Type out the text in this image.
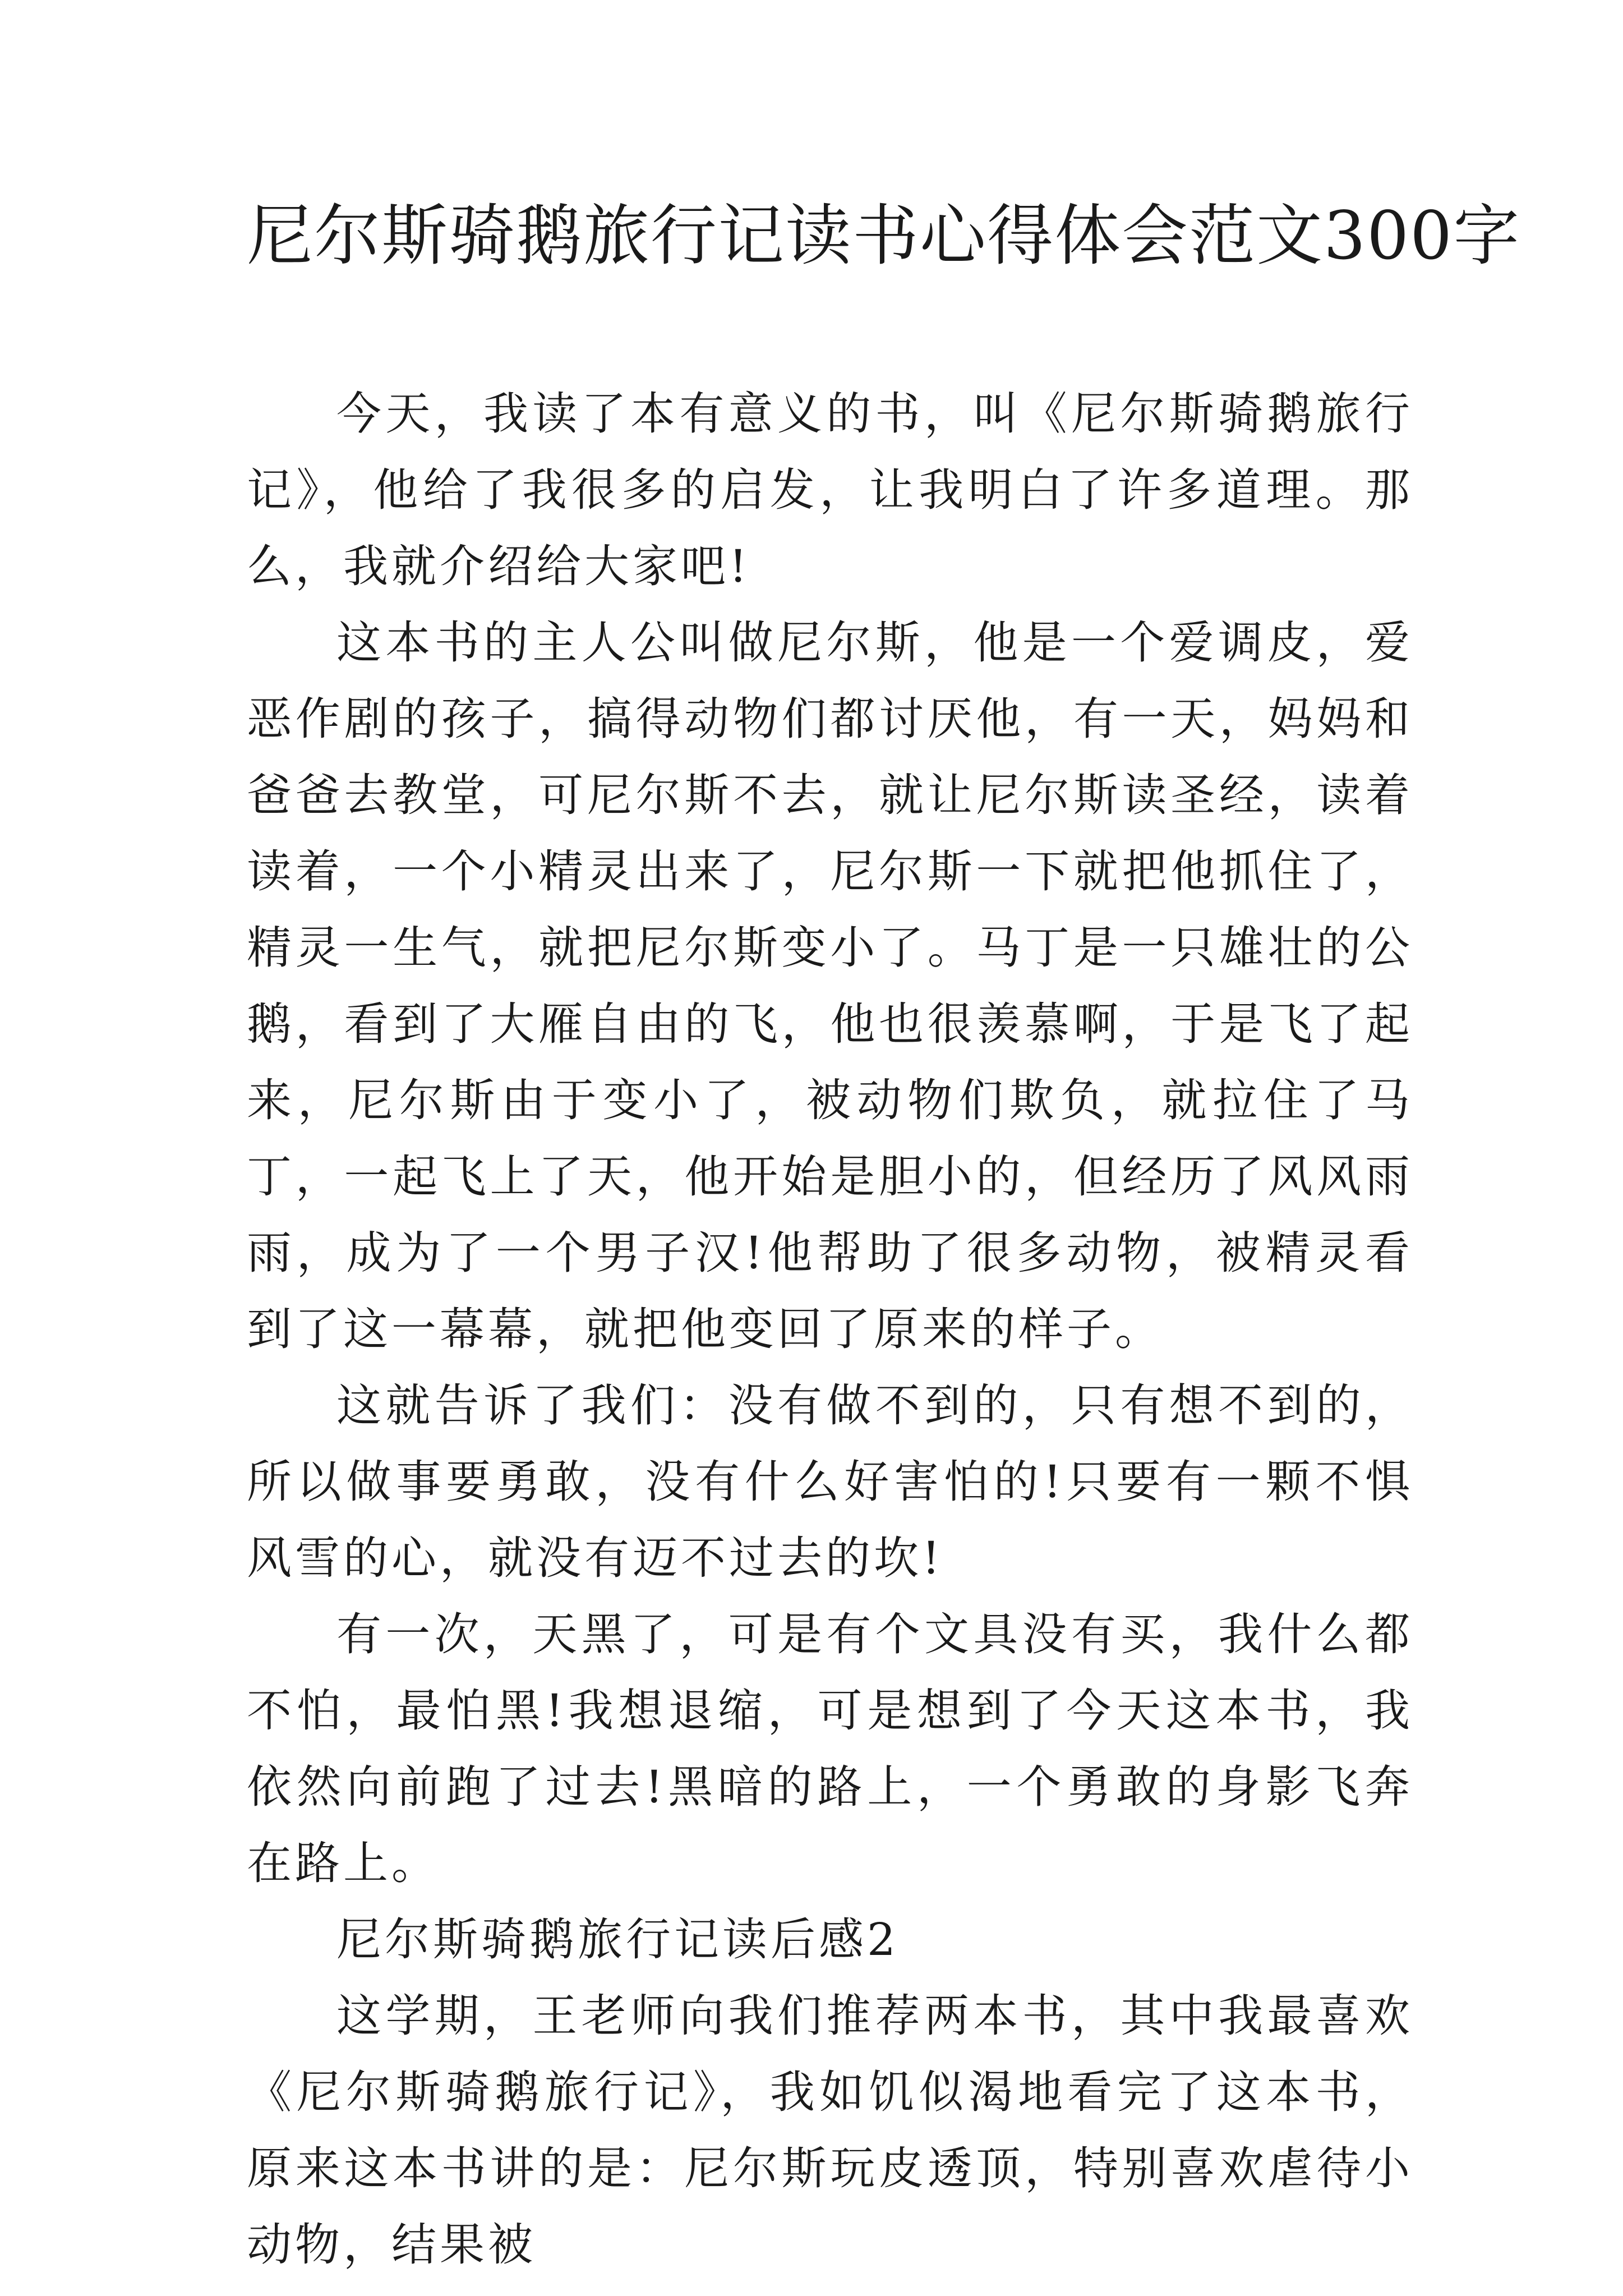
尼尔斯骑鹅旅行记读书心得体会范文300字

今天，我读了本有意义的书，叫《尼尔斯骑鹅旅行记》，他给了我很多的启发，让我明白了许多道理。那么，我就介绍给大家吧!

这本书的主人公叫做尼尔斯，他是一个爱调皮，爱恶作剧的孩子，搞得动物们都讨厌他，有一天，妈妈和爸爸去教堂，可尼尔斯不去，就让尼尔斯读圣经，读着读着，一个小精灵出来了，尼尔斯一下就把他抓住了，精灵一生气，就把尼尔斯变小了。马丁是一只雄壮的公鹅，看到了大雁自由的飞，他也很羡慕啊，于是飞了起来，尼尔斯由于变小了，被动物们欺负，就拉住了马丁，一起飞上了天，他开始是胆小的，但经历了风风雨雨，成为了一个男子汉!他帮助了很多动物，被精灵看到了这一幕幕，就把他变回了原来的样子。

这就告诉了我们：没有做不到的，只有想不到的，所以做事要勇敢，没有什么好害怕的!只要有一颗不惧风雪的心，就没有迈不过去的坎!

有一次，天黑了，可是有个文具没有买，我什么都不怕，最怕黑!我想退缩，可是想到了今天这本书，我依然向前跑了过去!黑暗的路上，一个勇敢的身影飞奔在路上。

尼尔斯骑鹅旅行记读后感2

这学期，王老师向我们推荐两本书，其中我最喜欢《尼尔斯骑鹅旅行记》，我如饥似渴地看完了这本书，原来这本书讲的是：尼尔斯玩皮透顶，特别喜欢虐待小动物，结果被
